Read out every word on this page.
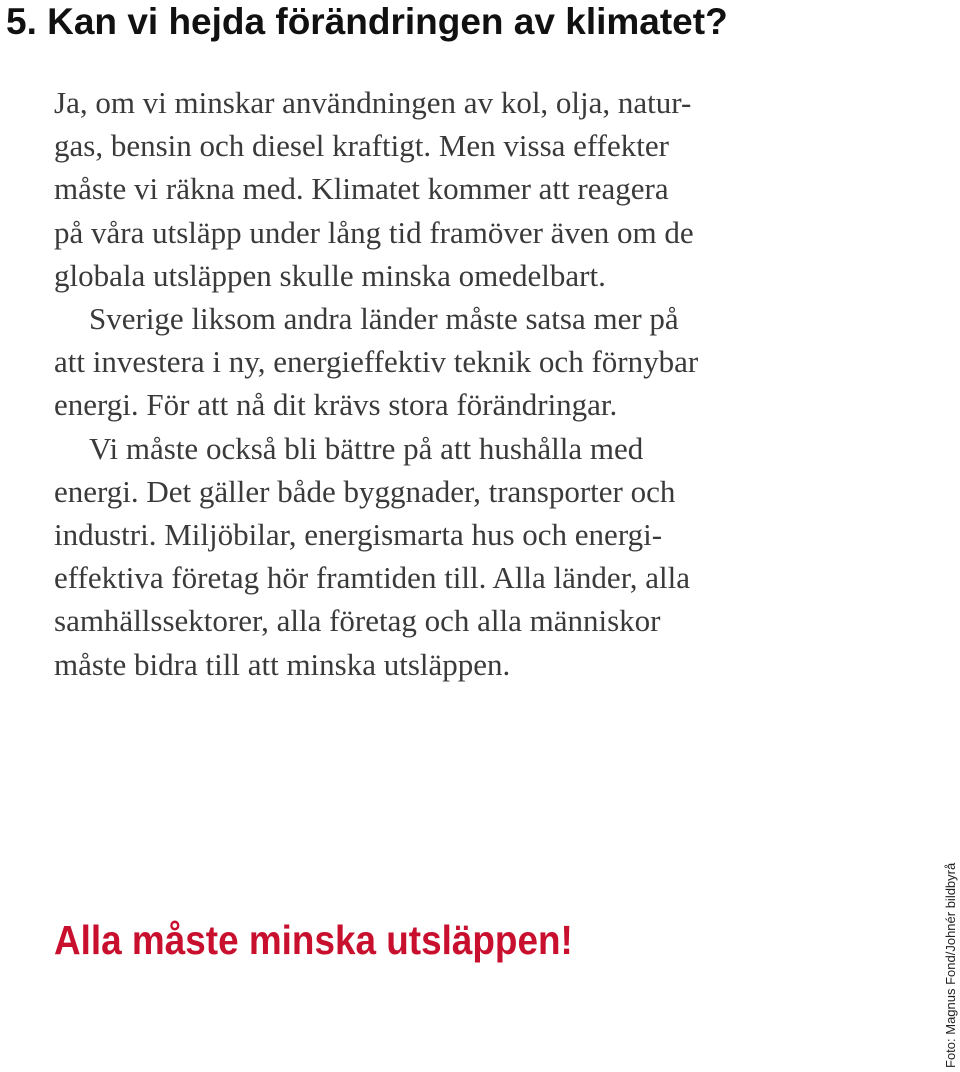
5. Kan vi hejda förändringen av klimatet?
Ja, om vi minskar användningen av kol, olja, natur-
gas, bensin och diesel kraftigt. Men vissa effekter
måste vi räkna med. Klimatet kommer att reagera
på våra utsläpp under lång tid framöver även om de
globala utsläppen skulle minska omedelbart.
Sverige liksom andra länder måste satsa mer på
att investera i ny, energieffektiv teknik och förnybar
energi. För att nå dit krävs stora förändringar.
Vi måste också bli bättre på att hushålla med
energi. Det gäller både byggnader, transporter och
industri. Miljöbilar, energismarta hus och energi-
effektiva företag hör framtiden till. Alla länder, alla
samhällssektorer, alla företag och alla människor
måste bidra till att minska utsläppen.
Alla måste minska utsläppen!	Foto: Magnus Fond/Johnér bildbyrå
